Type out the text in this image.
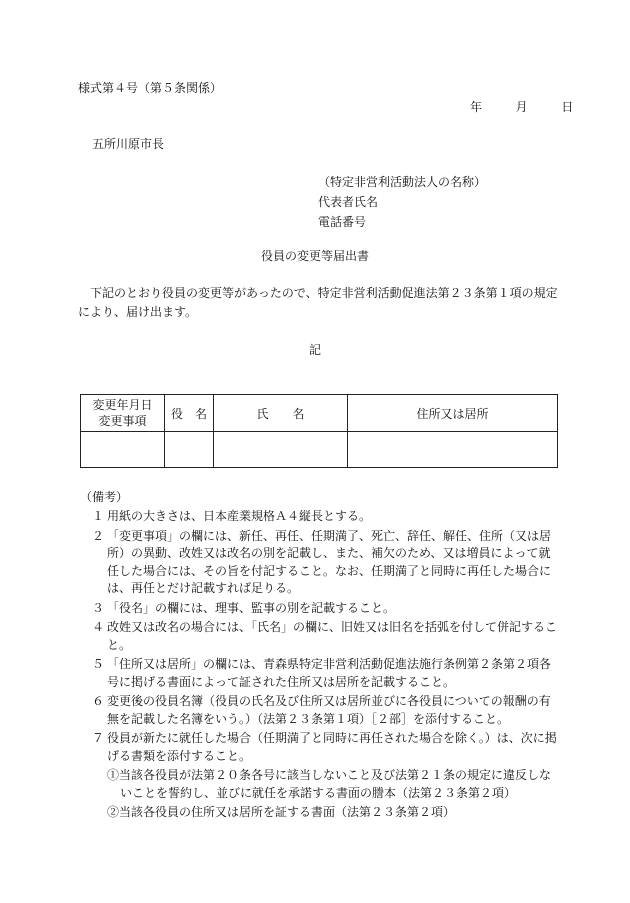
様式第４号（第５条関係）
年	月	日
五所川原市長
（特定非営利活動法人の名称）
代表者氏名
電話番号
役員の変更等届出書
下記のとおり役員の変更等があったので、特定非営利活動促進法第２３条第１項の規定により、届け出ます。
記
変更年月日
変更事項	役　名	氏　　名	住所又は居所

（備考）
１ 用紙の大きさは、日本産業規格Ａ４縦長とする。
２ 「変更事項」の欄には、新任、再任、任期満了、死亡、辞任、解任、住所（又は居所）の異動、改姓又は改名の別を記載し、また、補欠のため、又は増員によって就任した場合には、その旨を付記すること。なお、任期満了と同時に再任した場合には、再任とだけ記載すれば足りる。
３ 「役名」の欄には、理事、監事の別を記載すること。
４ 改姓又は改名の場合には、「氏名」の欄に、旧姓又は旧名を括弧を付して併記すること。
５ 「住所又は居所」の欄には、青森県特定非営利活動促進法施行条例第２条第２項各号に掲げる書面によって証された住所又は居所を記載すること。
６ 変更後の役員名簿（役員の氏名及び住所又は居所並びに各役員についての報酬の有無を記載した名簿をいう。）（法第２３条第１項）［２部］を添付すること。
７ 役員が新たに就任した場合（任期満了と同時に再任された場合を除く。）は、次に掲げる書類を添付すること。
①当該各役員が法第２０条各号に該当しないこと及び法第２１条の規定に違反しないことを誓約し、並びに就任を承諾する書面の謄本（法第２３条第２項）
②当該各役員の住所又は居所を証する書面（法第２３条第２項）
